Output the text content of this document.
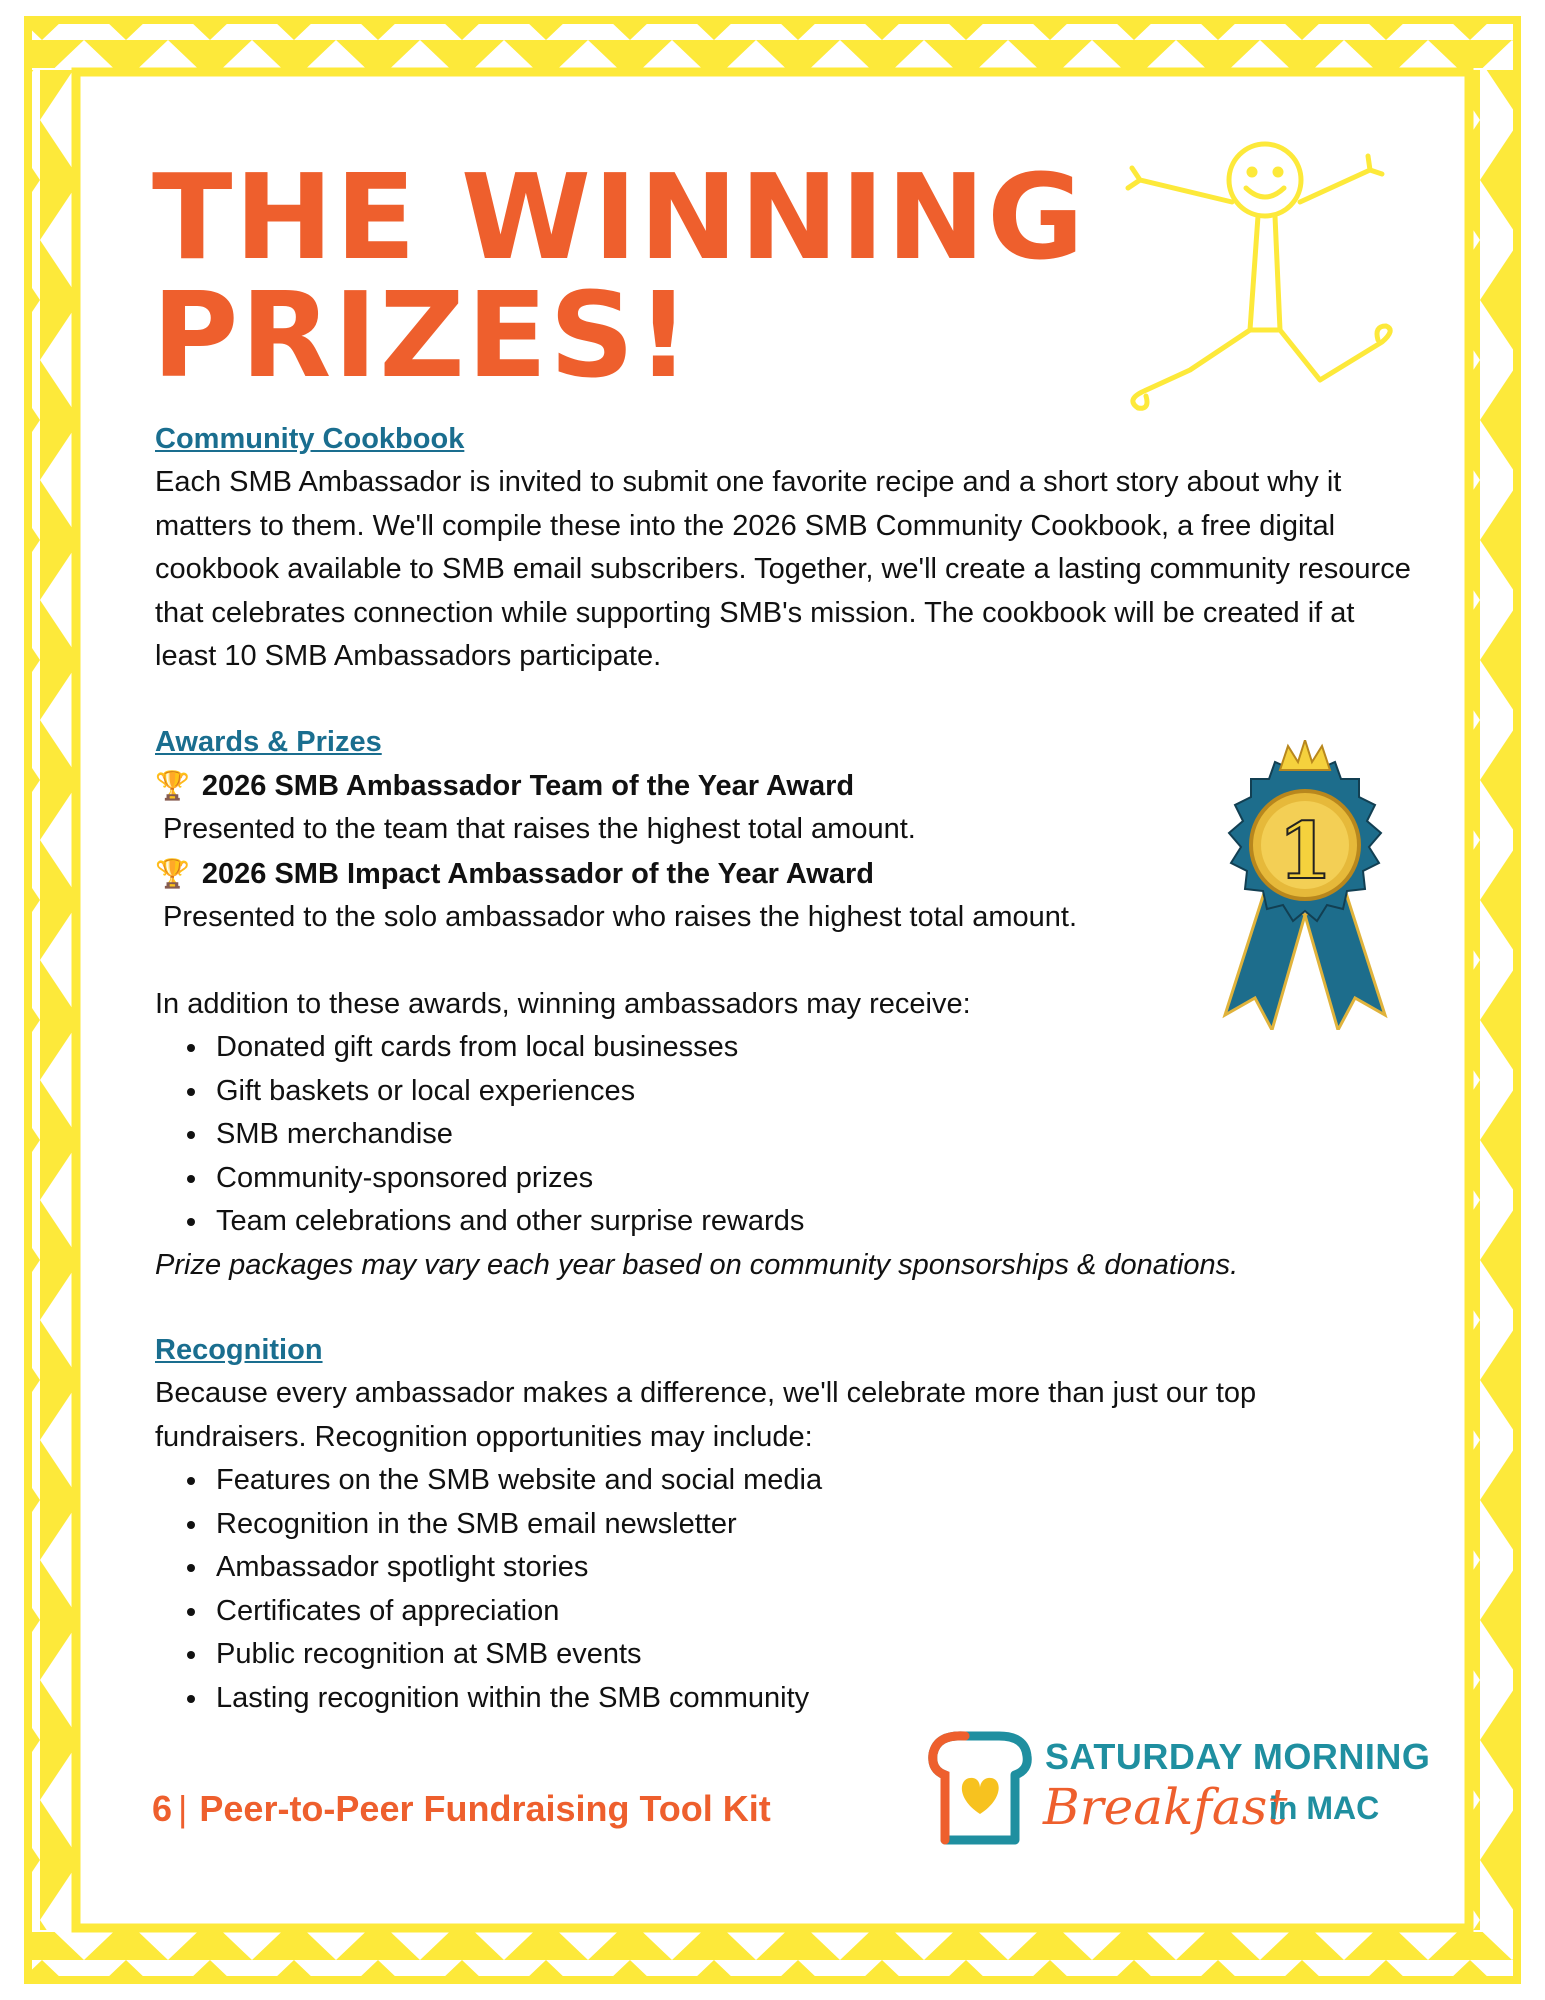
THE WINNING
PRIZES!

Community Cookbook

Each SMB Ambassador is invited to submit one favorite recipe and a short story about why it matters to them. We'll compile these into the 2026 SMB Community Cookbook, a free digital cookbook available to SMB email subscribers. Together, we'll create a lasting community resource that celebrates connection while supporting SMB's mission. The cookbook will be created if at least 10 SMB Ambassadors participate.

Awards & Prizes

🏆 2026 SMB Ambassador Team of the Year Award

Presented to the team that raises the highest total amount.

🏆 2026 SMB Impact Ambassador of the Year Award

Presented to the solo ambassador who raises the highest total amount.

In addition to these awards, winning ambassadors may receive:

• Donated gift cards from local businesses
• Gift baskets or local experiences
• SMB merchandise
• Community-sponsored prizes
• Team celebrations and other surprise rewards

Prize packages may vary each year based on community sponsorships & donations.

Recognition

Because every ambassador makes a difference, we'll celebrate more than just our top fundraisers. Recognition opportunities may include:

• Features on the SMB website and social media
• Recognition in the SMB email newsletter
• Ambassador spotlight stories
• Certificates of appreciation
• Public recognition at SMB events
• Lasting recognition within the SMB community
1
6 | Peer-to-Peer Fundraising Tool Kit
SATURDAY MORNING
Breakfast
in MAC
